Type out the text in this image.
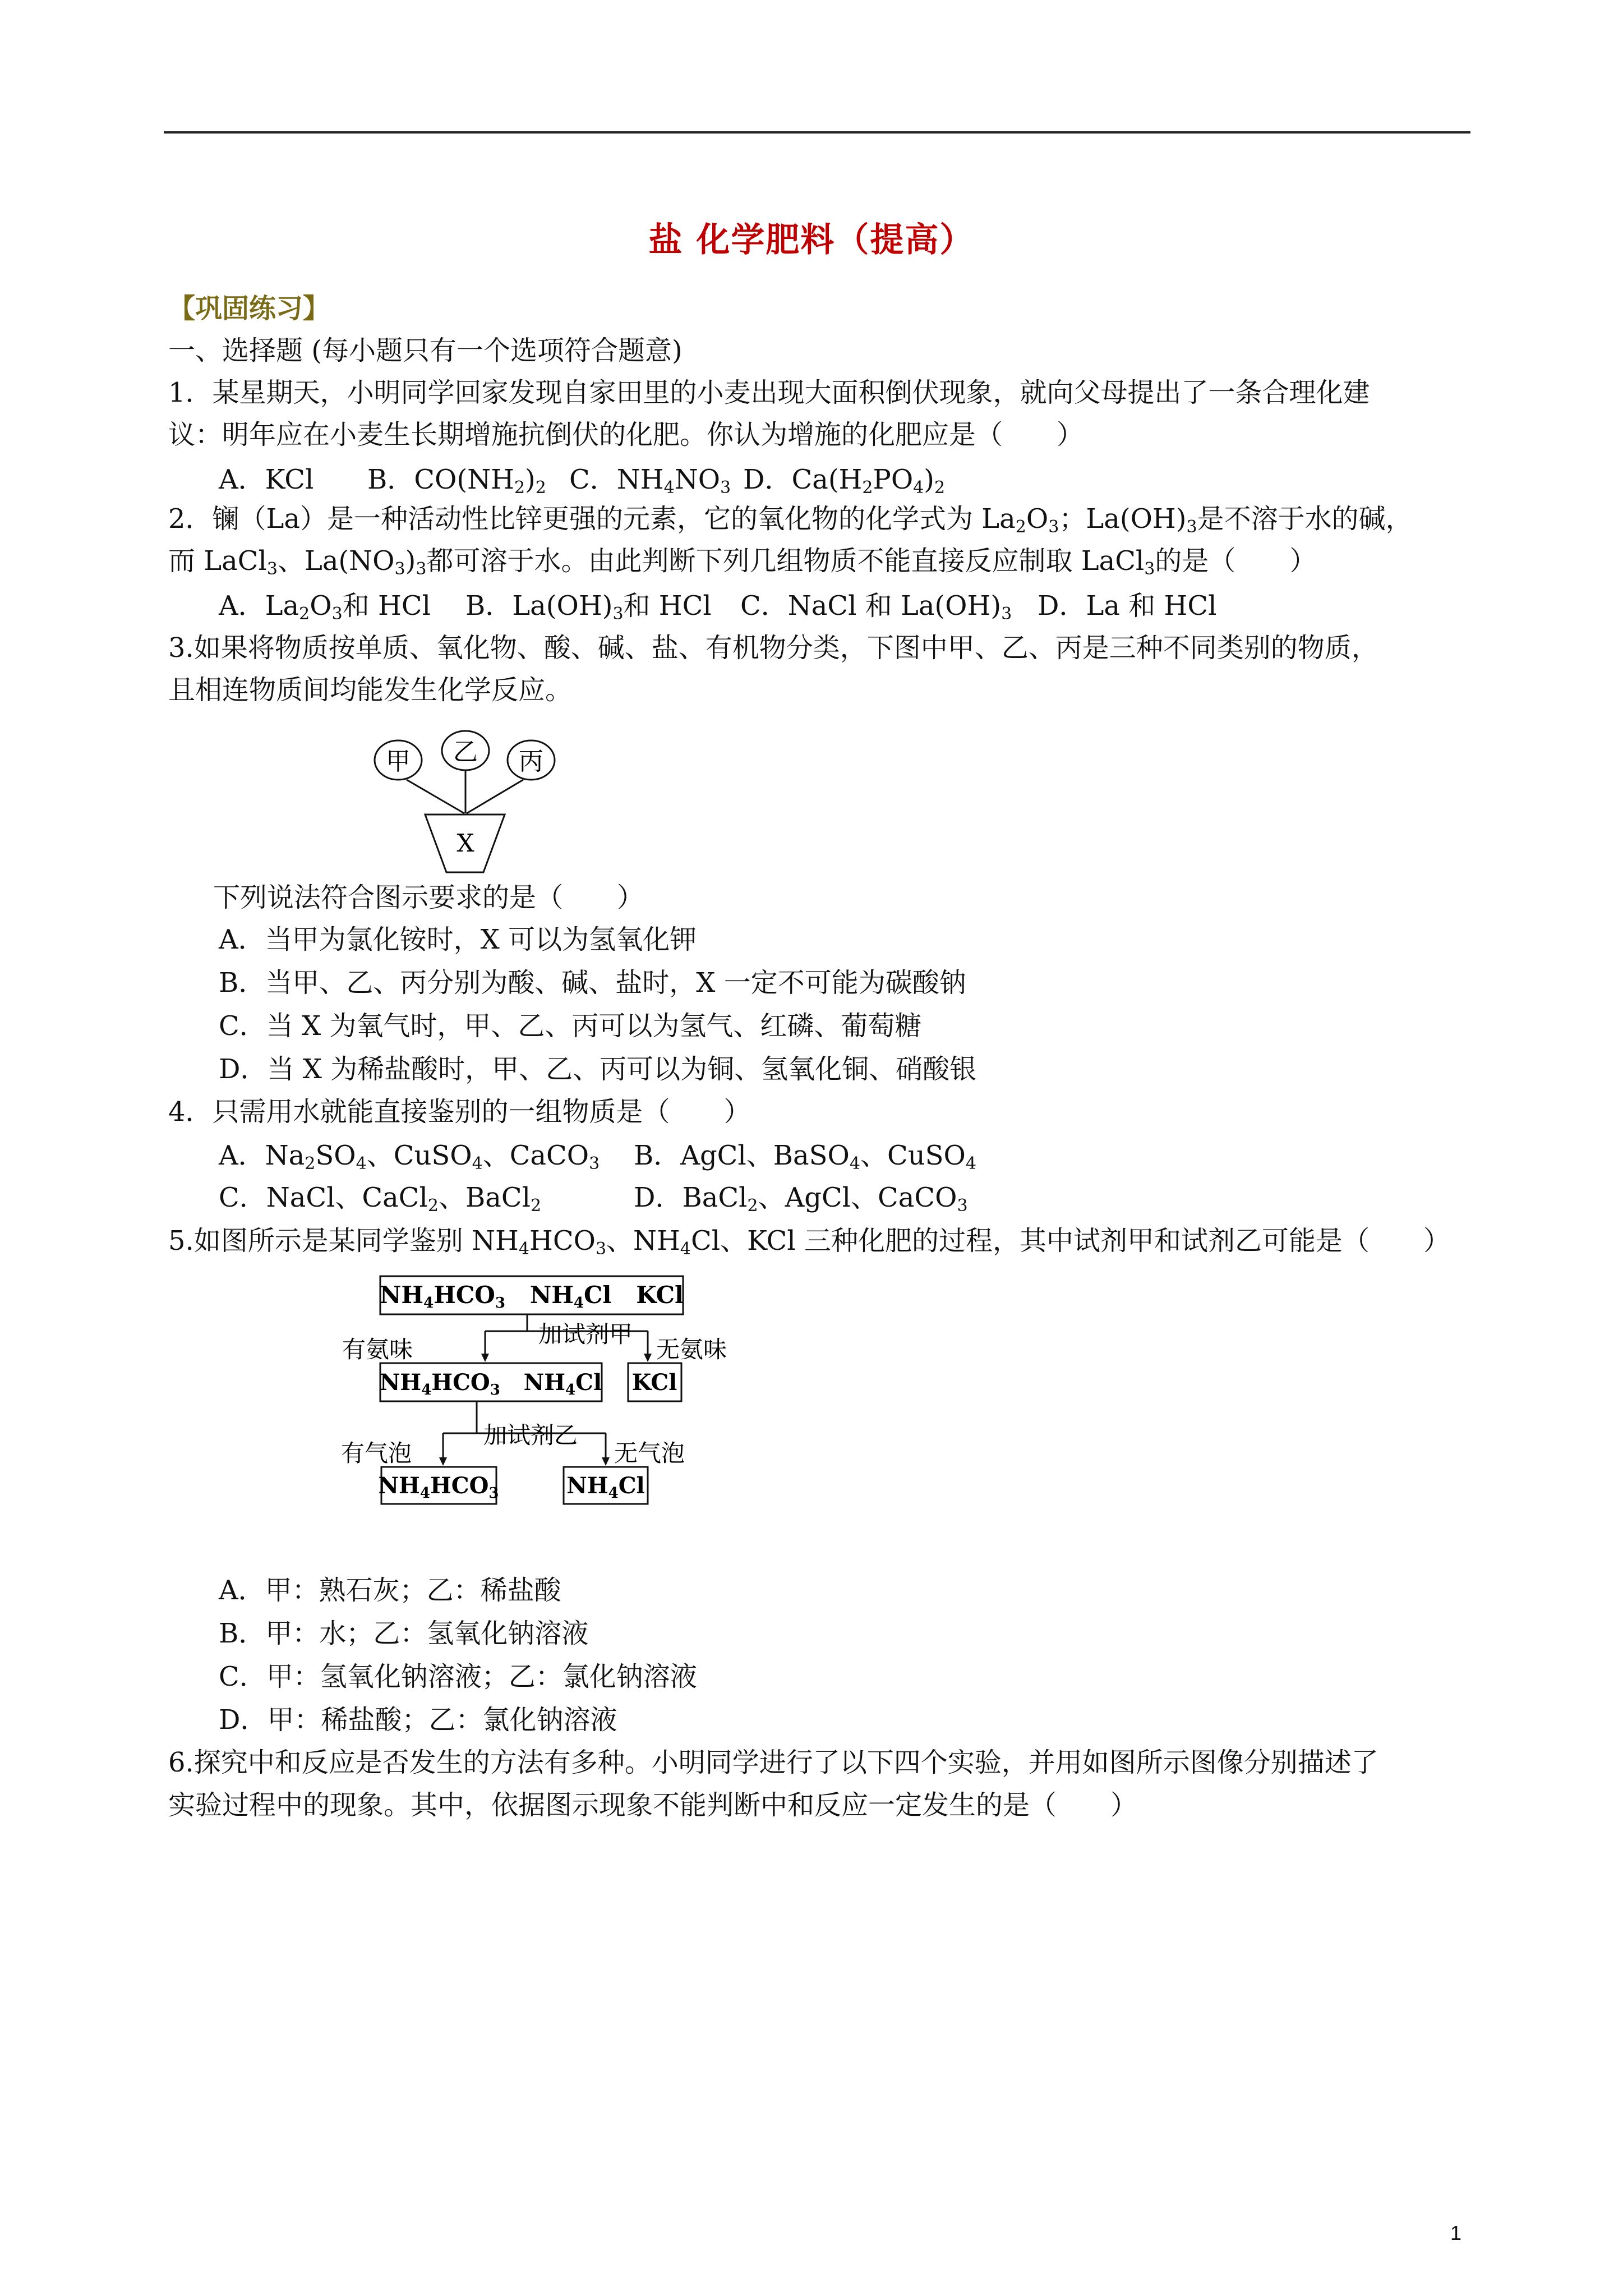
盐 化学肥料（提高）
【巩固练习】
一、选择题 (每小题只有一个选项符合题意)
1．某星期天，小明同学回家发现自家田里的小麦出现大面积倒伏现象，就向父母提出了一条合理化建
议：明年应在小麦生长期增施抗倒伏的化肥。你认为增施的化肥应是（　　）
A．KCl B．$CO(NH_2)_2$ C．$NH_4NO_3$ D．$Ca(H_2PO_4)_2$
2．镧（La）是一种活动性比锌更强的元素，它的氧化物的化学式为 $La_2O_3$；$La(OH)_3$是不溶于水的碱，
而 LaCl$_3$、$La(NO_3)_3$都可溶于水。由此判断下列几组物质不能直接反应制取 LaCl$_3$的是（　　）
A．$La_2O_3$和 HCl B．$La(OH)_3$和 HCl C．NaCl 和 $La(OH)_3$ D．La 和 HCl
3.如果将物质按单质、氧化物、酸、碱、盐、有机物分类，下图中甲、乙、丙是三种不同类别的物质，
且相连物质间均能发生化学反应。
甲 乙 丙
X
下列说法符合图示要求的是（　　）
A．当甲为氯化铵时，X 可以为氢氧化钾
B．当甲、乙、丙分别为酸、碱、盐时，X 一定不可能为碳酸钠
C．当 X 为氧气时，甲、乙、丙可以为氢气、红磷、葡萄糖
D．当 X 为稀盐酸时，甲、乙、丙可以为铜、氢氧化铜、硝酸银
4．只需用水就能直接鉴别的一组物质是（　　）
A．$Na_2SO_4$、CuSO$_4$、CaCO$_3$ B．AgCl、BaSO$_4$、CuSO$_4$
C．NaCl、CaCl$_2$、BaCl$_2$	D．BaCl$_2$、AgCl、CaCO$_3$
5.如图所示是某同学鉴别 $NH_4HCO_3$、$NH_4Cl$、KCl 三种化肥的过程，其中试剂甲和试剂乙可能是（　　）
NH4HCO3   NH4Cl   KCl
加试剂甲
有氨味	无氨味
$NH_4HCO_3$   $NH_4Cl$ KCl
加试剂乙
有气泡	无气泡
$NH_4HCO_3$	$NH_4Cl$
A．甲：熟石灰；乙：稀盐酸
B．甲：水；乙：氢氧化钠溶液
C．甲：氢氧化钠溶液；乙：氯化钠溶液
D．甲：稀盐酸；乙：氯化钠溶液
6.探究中和反应是否发生的方法有多种。小明同学进行了以下四个实验，并用如图所示图像分别描述了
实验过程中的现象。其中，依据图示现象不能判断中和反应一定发生的是（　　）
1
